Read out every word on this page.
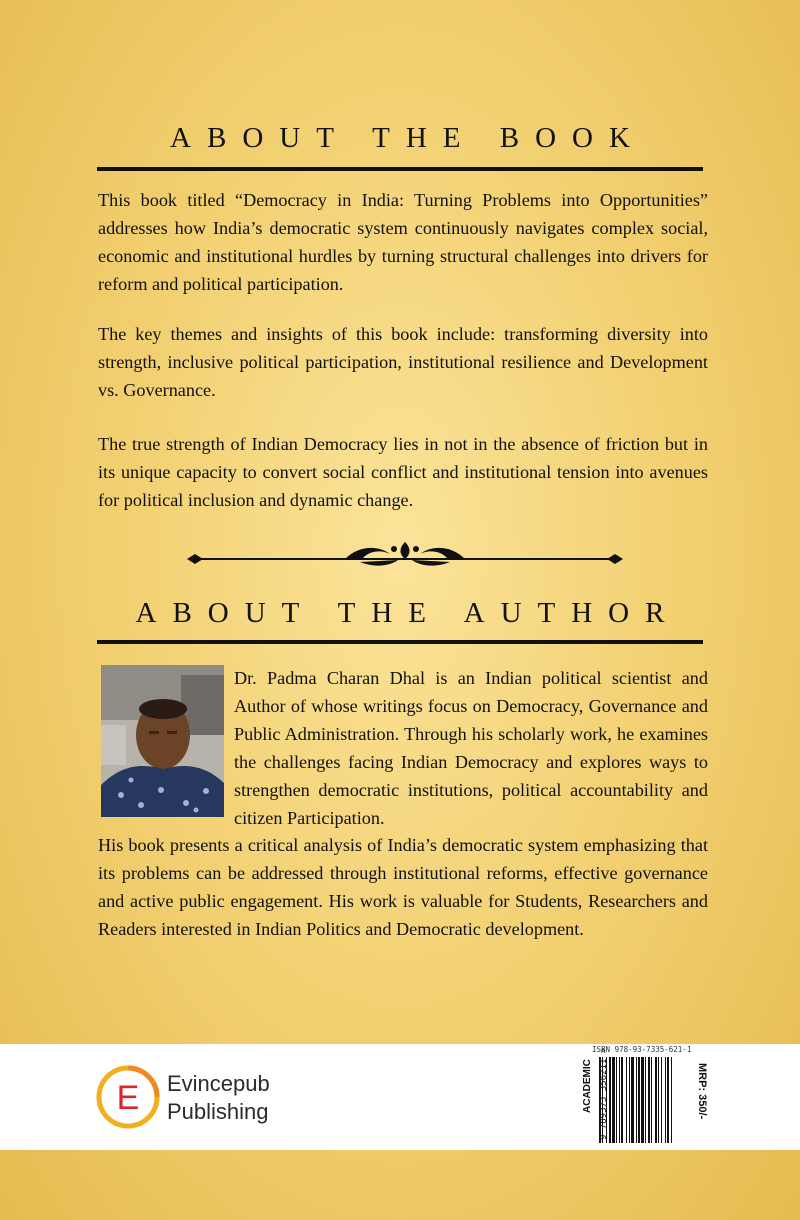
ABOUT THE BOOK

This book titled “Democracy in India: Turning Problems into Opportunities” addresses how India’s democratic system continuously navigates complex social, economic and institutional hurdles by turning structural challenges into drivers for reform and political participation.

The key themes and insights of this book include: transforming diversity into strength, inclusive political participation, institutional resilience and Development vs. Governance.

The true strength of Indian Democracy lies in not in the absence of friction but in its unique capacity to convert social conflict and institutional tension into avenues for political inclusion and dynamic change.

ABOUT THE AUTHOR

Dr. Padma Charan Dhal is an Indian political scientist and Author of whose writings focus on Democracy, Governance and Public Administration. Through his scholarly work, he examines the challenges facing Indian Democracy and explores ways to strengthen democratic institutions, political accountability and citizen Participation.

His book presents a critical analysis of India’s democratic system emphasizing that its problems can be addressed through institutional reforms, effective governance and active public engagement. His work is valuable for Students, Researchers and Readers interested in Indian Politics and Democratic development.

E Evincepub
Publishing
ISBN 978-93-7335-621-1
ACADEMIC	MRP: 350/-
9 789373 356211 >
